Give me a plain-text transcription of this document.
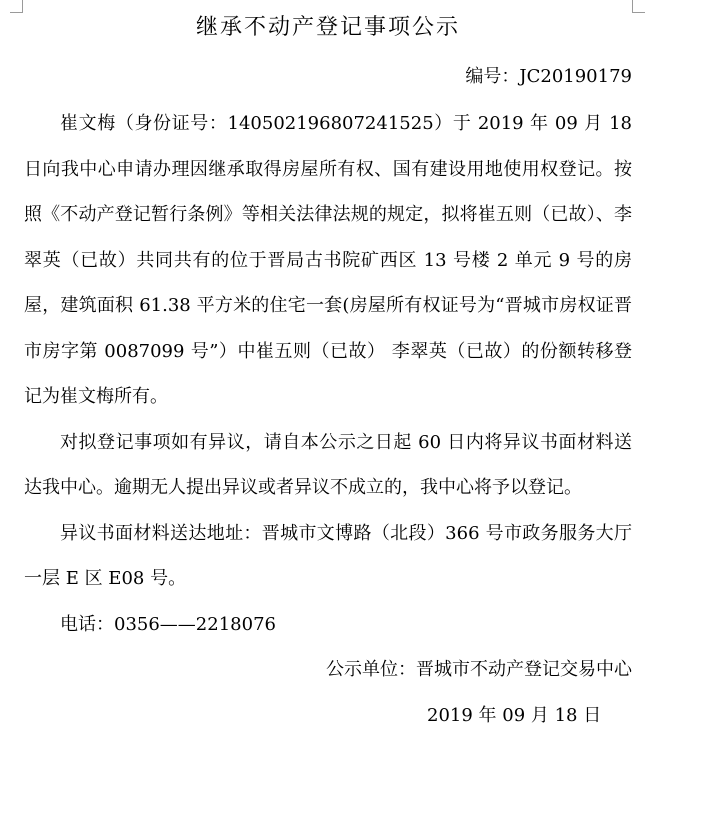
继承不动产登记事项公示
编号：JC20190179

崔文梅（身份证号：140502196807241525）于 2019 年 09 月 18 日向我中心申请办理因继承取得房屋所有权、国有建设用地使用权登记。按照《不动产登记暂行条例》等相关法律法规的规定，拟将崔五则（已故）、李翠英（已故）共同共有的位于晋局古书院矿西区 13 号楼 2 单元 9 号的房屋，建筑面积 61.38 平方米的住宅一套(房屋所有权证号为“晋城市房权证晋市房字第 0087099 号”）中崔五则（已故） 李翠英（已故）的份额转移登记为崔文梅所有。

对拟登记事项如有异议，请自本公示之日起 60 日内将异议书面材料送达我中心。逾期无人提出异议或者异议不成立的，我中心将予以登记。

异议书面材料送达地址：晋城市文博路（北段）366 号市政务服务大厅一层 E 区 E08 号。

电话：0356——2218076

公示单位：晋城市不动产登记交易中心

2019 年 09 月 18 日
